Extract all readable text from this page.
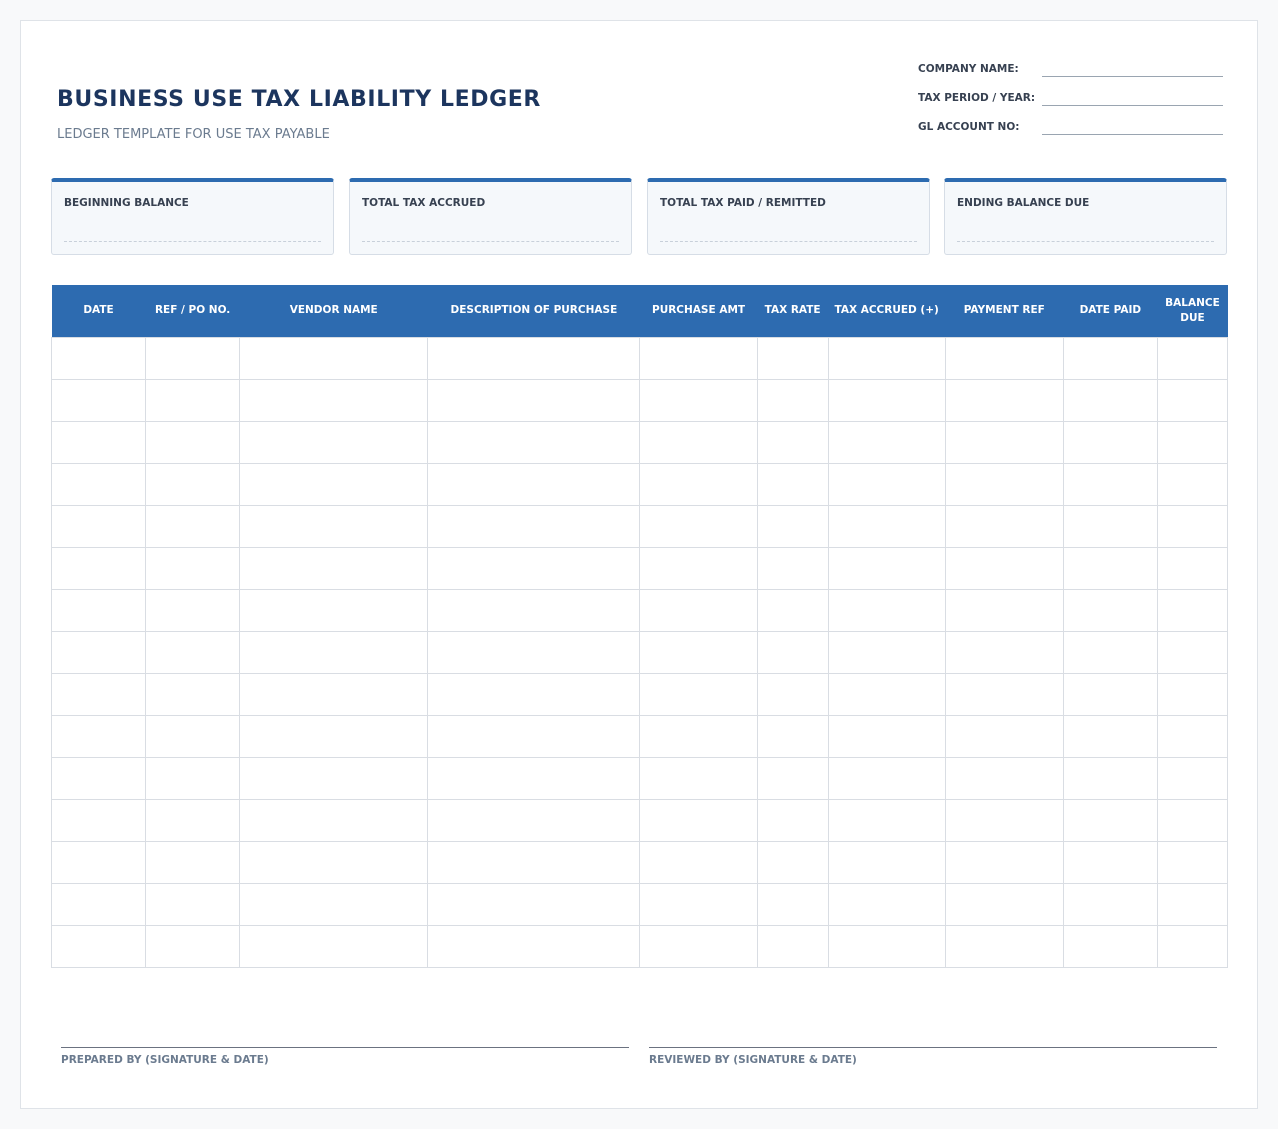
BUSINESS USE TAX LIABILITY LEDGER
LEDGER TEMPLATE FOR USE TAX PAYABLE
COMPANY NAME:
TAX PERIOD / YEAR:
GL ACCOUNT NO:
BEGINNING BALANCE	TOTAL TAX ACCRUED	TOTAL TAX PAID / REMITTED	ENDING BALANCE DUE
DATE	REF / PO NO.	VENDOR NAME	DESCRIPTION OF PURCHASE	PURCHASE AMT	TAX RATE	TAX ACCRUED (+)	PAYMENT REF	DATE PAID	BALANCE DUE

PREPARED BY (SIGNATURE & DATE)	REVIEWED BY (SIGNATURE & DATE)
